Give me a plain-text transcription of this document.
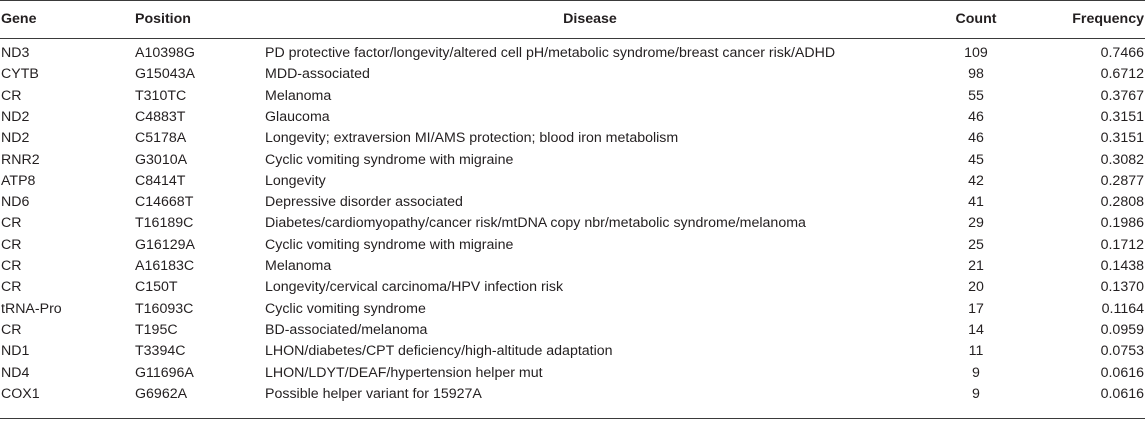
Gene	Position	Disease	Count	Frequency
ND3	A10398G	PD protective factor/longevity/altered cell pH/metabolic syndrome/breast cancer risk/ADHD	109	0.7466
CYTB	G15043A	MDD-associated	98	0.6712
CR	T310TC	Melanoma	55	0.3767
ND2	C4883T	Glaucoma	46	0.3151
ND2	C5178A	Longevity; extraversion MI/AMS protection; blood iron metabolism	46	0.3151
RNR2	G3010A	Cyclic vomiting syndrome with migraine	45	0.3082
ATP8	C8414T	Longevity	42	0.2877
ND6	C14668T	Depressive disorder associated	41	0.2808
CR	T16189C	Diabetes/cardiomyopathy/cancer risk/mtDNA copy nbr/metabolic syndrome/melanoma	29	0.1986
CR	G16129A	Cyclic vomiting syndrome with migraine	25	0.1712
CR	A16183C	Melanoma	21	0.1438
CR	C150T	Longevity/cervical carcinoma/HPV infection risk	20	0.1370
tRNA-Pro	T16093C	Cyclic vomiting syndrome	17	0.1164
CR	T195C	BD-associated/melanoma	14	0.0959
ND1	T3394C	LHON/diabetes/CPT deficiency/high-altitude adaptation	11	0.0753
ND4	G11696A	LHON/LDYT/DEAF/hypertension helper mut	9	0.0616
COX1	G6962A	Possible helper variant for 15927A	9	0.0616
